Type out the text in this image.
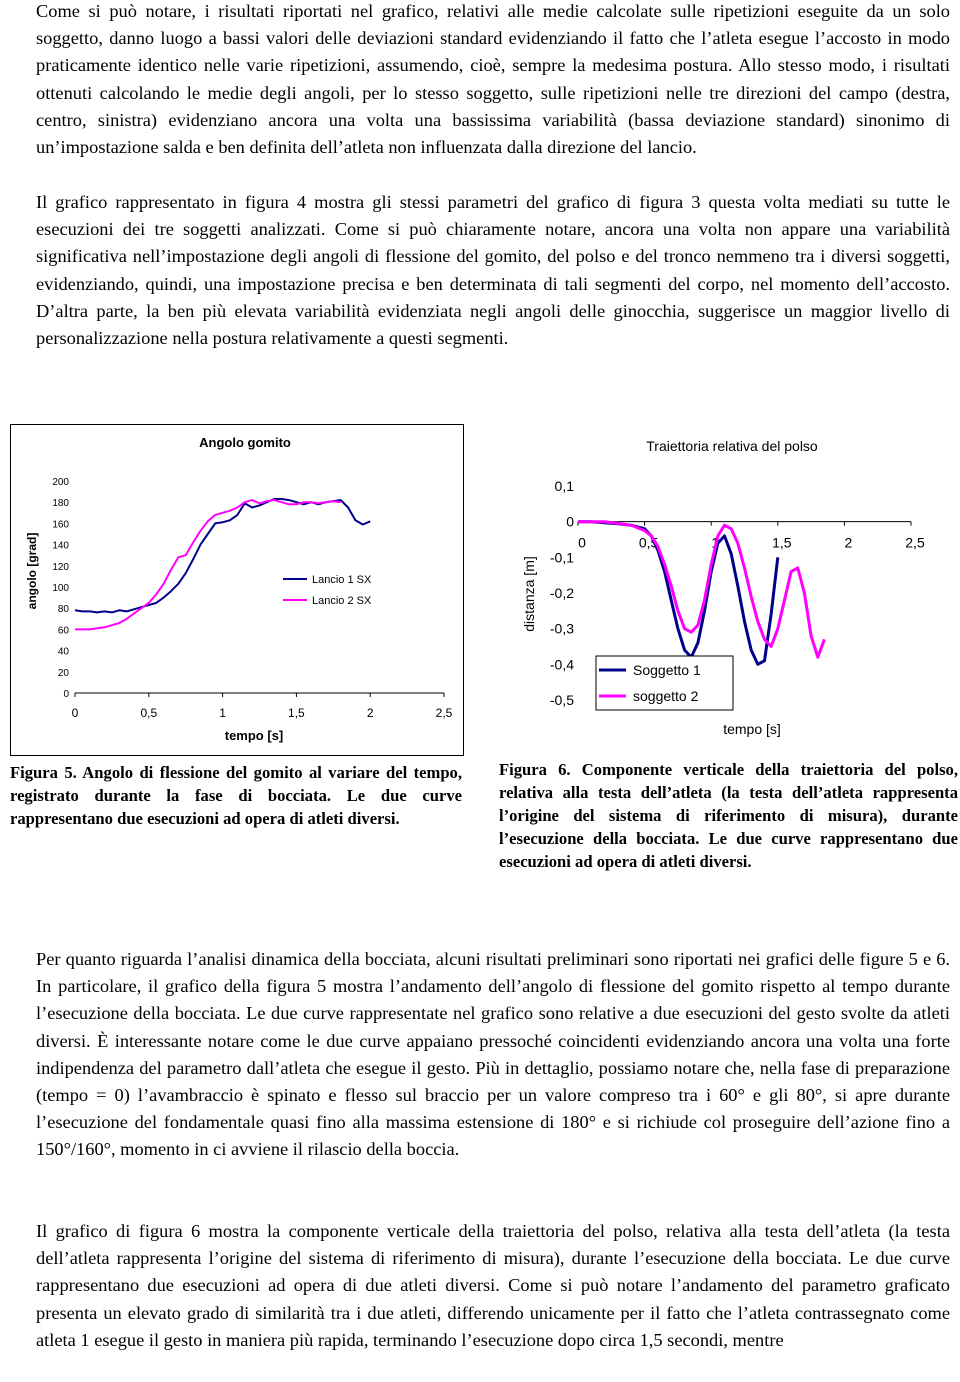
Come si può notare, i risultati riportati nel grafico, relativi alle medie calcolate sulle ripetizioni eseguite da un solo soggetto, danno luogo a bassi valori delle deviazioni standard evidenziando il fatto che l’atleta esegue l’accosto in modo praticamente identico nelle varie ripetizioni, assumendo, cioè, sempre la medesima postura. Allo stesso modo, i risultati ottenuti calcolando le medie degli angoli, per lo stesso soggetto, sulle ripetizioni nelle tre direzioni del campo (destra, centro, sinistra) evidenziano ancora una volta una bassissima variabilità (bassa deviazione standard) sinonimo di un’impostazione salda e ben definita dell’atleta non influenzata dalla direzione del lancio.

Il grafico rappresentato in figura 4 mostra gli stessi parametri del grafico di figura 3 questa volta mediati su tutte le esecuzioni dei tre soggetti analizzati. Come si può chiaramente notare, ancora una volta non appare una variabilità significativa nell’impostazione degli angoli di flessione del gomito, del polso e del tronco nemmeno tra i diversi soggetti, evidenziando, quindi, una impostazione precisa e ben determinata di tali segmenti del corpo, nel momento dell’accosto. D’altra parte, la ben più elevata variabilità evidenziata negli angoli delle ginocchia, suggerisce un maggior livello di personalizzazione nella postura relativamente a questi segmenti.

Angolo gomito
angolo [grad]
tempo [s]
0
20
40
60
80
100
120
140
160
180
200
0	0,5	1	1,5	2	2,5
Lancio 1 SX
Lancio 2 SX

Figura 5. Angolo di flessione del gomito al variare del tempo, registrato durante la fase di bocciata. Le due curve rappresentano due esecuzioni ad opera di atleti diversi.

Traiettoria relativa del polso
distanza [m]
tempo [s]
0,1
0
-0,1
-0,2
-0,3
-0,4
-0,5
0	0,5	1	1,5	2	2,5
Soggetto 1
soggetto 2

Figura 6. Componente verticale della traiettoria del polso, relativa alla testa dell’atleta (la testa dell’atleta rappresenta l’origine del sistema di riferimento di misura), durante l’esecuzione della bocciata. Le due curve rappresentano due esecuzioni ad opera di atleti diversi.

Per quanto riguarda l’analisi dinamica della bocciata, alcuni risultati preliminari sono riportati nei grafici delle figure 5 e 6. In particolare, il grafico della figura 5 mostra l’andamento dell’angolo di flessione del gomito rispetto al tempo durante l’esecuzione della bocciata. Le due curve rappresentate nel grafico sono relative a due esecuzioni del gesto svolte da atleti diversi. È interessante notare come le due curve appaiano pressoché coincidenti evidenziando ancora una volta una forte indipendenza del parametro dall’atleta che esegue il gesto. Più in dettaglio, possiamo notare che, nella fase di preparazione (tempo = 0) l’avambraccio è spinato e flesso sul braccio per un valore compreso tra i 60° e gli 80°, si apre durante l’esecuzione del fondamentale quasi fino alla massima estensione di 180° e si richiude col proseguire dell’azione fino a 150°/160°, momento in ci avviene il rilascio della boccia.

Il grafico di figura 6 mostra la componente verticale della traiettoria del polso, relativa alla testa dell’atleta (la testa dell’atleta rappresenta l’origine del sistema di riferimento di misura), durante l’esecuzione della bocciata. Le due curve rappresentano due esecuzioni ad opera di due atleti diversi. Come si può notare l’andamento del parametro graficato presenta un elevato grado di similarità tra i due atleti, differendo unicamente per il fatto che l’atleta contrassegnato come atleta 1 esegue il gesto in maniera più rapida, terminando l’esecuzione dopo circa 1,5 secondi, mentre
